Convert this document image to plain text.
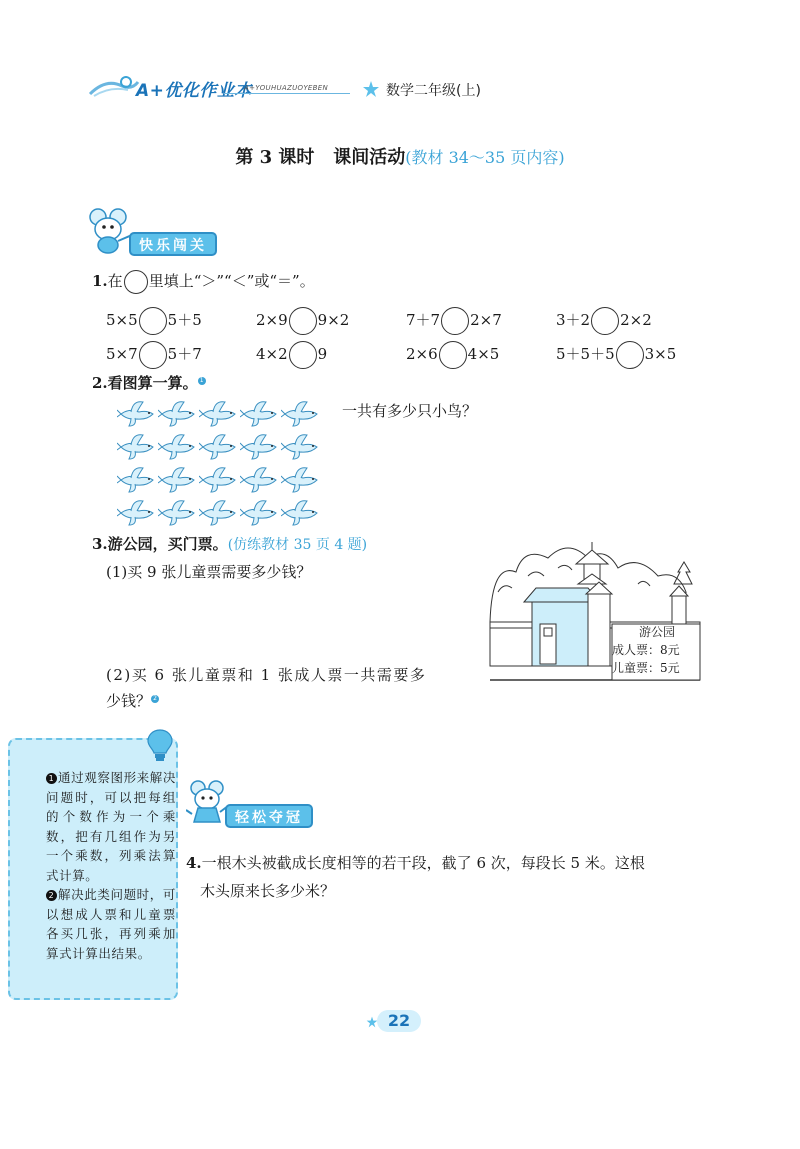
A+优化作业本
A+YOUHUAZUOYEBEN	数学二年级(上)
第 3 课时 课间活动(教材 34～35 页内容)
快乐闯关
1.在 里填上“＞”“＜”或“＝”。
5×5 5＋5	2×9 9×2	7＋7 2×7	3＋2 2×2
5×7 5＋7	4×2 9	2×6 4×5	5＋5＋5 3×5
2.看图算一算。 1
一共有多少只小鸟？
3.游公园，买门票。(仿练教材 35 页 4 题)
(1)买 9 张儿童票需要多少钱？
(2)买 6 张儿童票和 1 张成人票一共需要多
少钱？ 2
游公园
成人票：8元
儿童票：5元
1 通过观察图形来解决问题时，可以把每组的个数作为一个乘数，把有几组作为另一个乘数，列乘法算式计算。
2 解决此类问题时，可以想成人票和儿童票各买几张，再列乘加算式计算出结果。
轻松夺冠
4.一根木头被截成长度相等的若干段，截了 6 次，每段长 5 米。这根
木头原来长多少米？
22
